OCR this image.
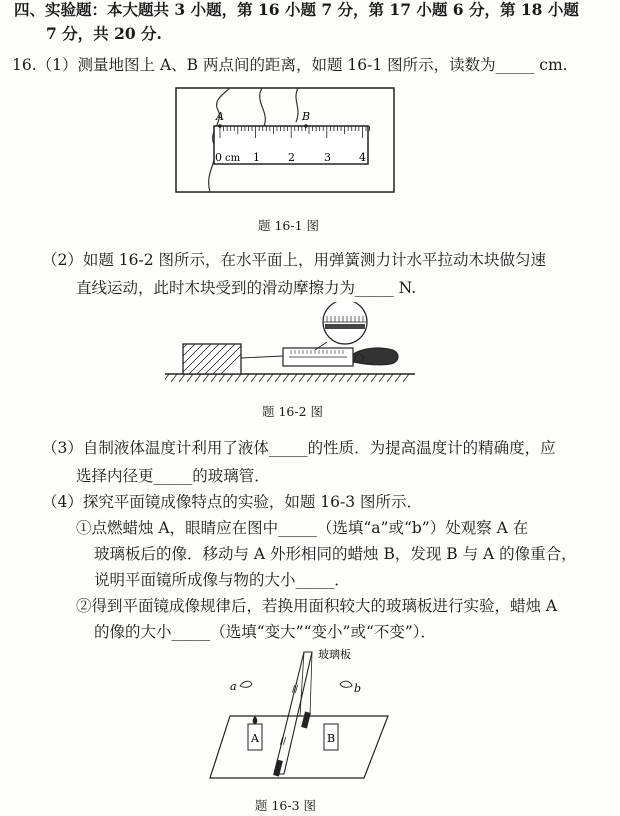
四、实验题：本大题共 3 小题，第 16 小题 7 分，第 17 小题 6 分，第 18 小题
7 分，共 20 分.
16.（1）测量地图上 A、B 两点间的距离，如题 16-1 图所示，读数为_____ cm.
A	B
0 cm 1	2	3	4
题 16-1 图
（2）如题 16-2 图所示，在水平面上，用弹簧测力计水平拉动木块做匀速
直线运动，此时木块受到的滑动摩擦力为_____ N.
题 16-2 图
（3）自制液体温度计利用了液体_____的性质．为提高温度计的精确度，应
选择内径更_____的玻璃管．
（4）探究平面镜成像特点的实验，如题 16-3 图所示．
①点燃蜡烛 A，眼睛应在图中_____（选填“a”或“b”）处观察 A 在
玻璃板后的像．移动与 A 外形相同的蜡烛 B，发现 B 与 A 的像重合，
说明平面镜所成像与物的大小_____．
②得到平面镜成像规律后，若换用面积较大的玻璃板进行实验，蜡烛 A
的像的大小_____（选填“变大”“变小”或“不变”）．
//
//
A	B
a	b
玻璃板
题 16-3 图
